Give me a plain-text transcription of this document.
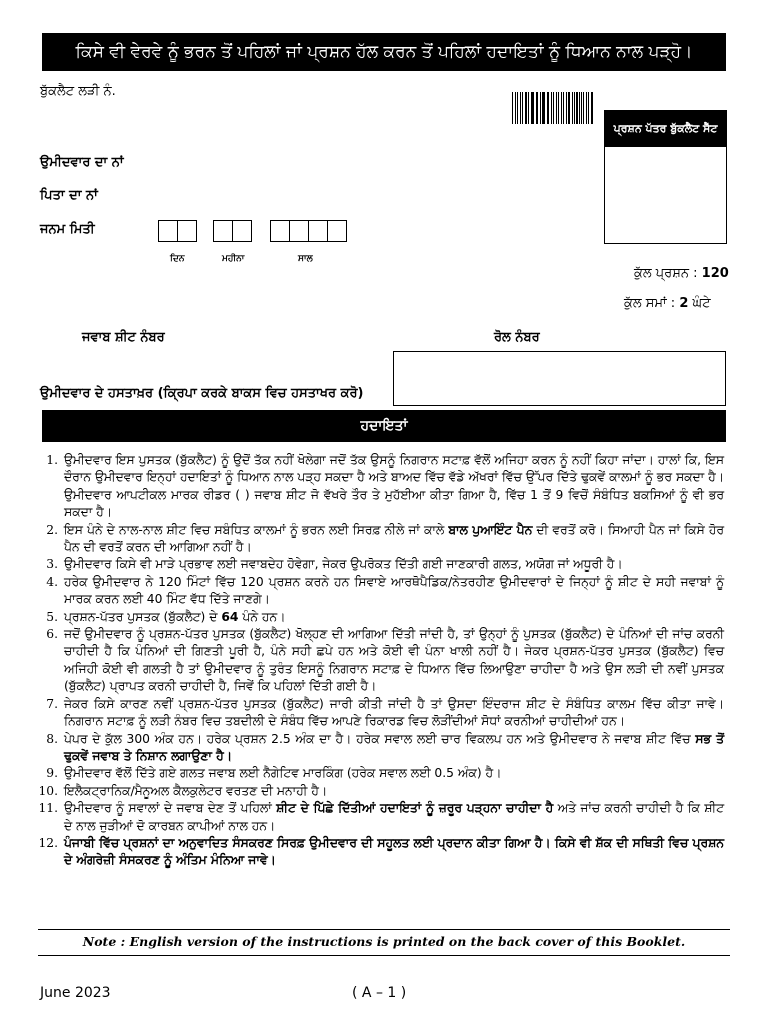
ਕਿਸੇ ਵੀ ਵੇਰਵੇ ਨੂੰ ਭਰਨ ਤੋਂ ਪਹਿਲਾਂ ਜਾਂ ਪ੍ਰਸ਼ਨ ਹੱਲ ਕਰਨ ਤੋਂ ਪਹਿਲਾਂ ਹਦਾਇਤਾਂ ਨੂੰ ਧਿਆਨ ਨਾਲ ਪੜ੍ਹੋ।
ਬੁੱਕਲੈਟ ਲੜੀ ਨੰ.
ਪ੍ਰਸ਼ਨ ਪੱਤਰ ਬੁੱਕਲੈਟ ਸੈੱਟ
ਉਮੀਦਵਾਰ ਦਾ ਨਾਂ
ਪਿਤਾ ਦਾ ਨਾਂ
ਜਨਮ ਮਿਤੀ
ਦਿਨ	ਮਹੀਨਾ	ਸਾਲ
ਕੁੱਲ ਪ੍ਰਸ਼ਨ : 120
ਕੁੱਲ ਸਮਾਂ : 2 ਘੰਟੇ
ਜਵਾਬ ਸ਼ੀਟ ਨੰਬਰ	ਰੋਲ ਨੰਬਰ
ਉਮੀਦਵਾਰ ਦੇ ਹਸਤਾਖ਼ਰ (ਕ੍ਰਿਪਾ ਕਰਕੇ ਬਾਕਸ ਵਿਚ ਹਸਤਾਖਰ ਕਰੋ)
ਹਦਾਇਤਾਂ
1. ਉਮੀਦਵਾਰ ਇਸ ਪੁਸਤਕ (ਬੁੱਕਲੈਟ) ਨੂੰ ਉਦੋਂ ਤੱਕ ਨਹੀਂ ਖੋਲੇਗਾ ਜਦੋਂ ਤੱਕ ਉਸਨੂੰ ਨਿਗਰਾਨ ਸਟਾਫ਼ ਵੱਲੋਂ ਅਜਿਹਾ ਕਰਨ ਨੂੰ ਨਹੀਂ ਕਿਹਾ ਜਾਂਦਾ। ਹਾਲਾਂ ਕਿ, ਇਸ ਦੌਰਾਨ ਉਮੀਦਵਾਰ ਇਨ੍ਹਾਂ ਹਦਾਇਤਾਂ ਨੂੰ ਧਿਆਨ ਨਾਲ ਪੜ੍ਹ ਸਕਦਾ ਹੈ ਅਤੇ ਬਾਅਦ ਵਿੱਚ ਵੱਡੇ ਅੱਖਰਾਂ ਵਿੱਚ ਉੱਪਰ ਦਿੱਤੇ ਢੁਕਵੇਂ ਕਾਲਮਾਂ ਨੂੰ ਭਰ ਸਕਦਾ ਹੈ। ਉਮੀਦਵਾਰ ਆਪਟੀਕਲ ਮਾਰਕ ਰੀਡਰ ( ) ਜਵਾਬ ਸ਼ੀਟ ਜੋ ਵੱਖਰੇ ਤੌਰ ਤੇ ਮੁਹੱਈਆ ਕੀਤਾ ਗਿਆ ਹੈ, ਵਿੱਚ 1 ਤੋਂ 9 ਵਿਚੋਂ ਸੰਬੰਧਿਤ ਬਕਸਿਆਂ ਨੂੰ ਵੀ ਭਰ ਸਕਦਾ ਹੈ।
2. ਇਸ ਪੰਨੇ ਦੇ ਨਾਲ-ਨਾਲ ਸ਼ੀਟ ਵਿਚ ਸਬੰਧਿਤ ਕਾਲਮਾਂ ਨੂੰ ਭਰਨ ਲਈ ਸਿਰਫ਼ ਨੀਲੇ ਜਾਂ ਕਾਲੇ ਬਾਲ ਪੁਆਇੰਟ ਪੈਨ ਦੀ ਵਰਤੋਂ ਕਰੋ। ਸਿਆਹੀ ਪੈਨ ਜਾਂ ਕਿਸੇ ਹੋਰ ਪੈਨ ਦੀ ਵਰਤੋਂ ਕਰਨ ਦੀ ਆਗਿਆ ਨਹੀਂ ਹੈ।
3. ਉਮੀਦਵਾਰ ਕਿਸੇ ਵੀ ਮਾੜੇ ਪ੍ਰਭਾਵ ਲਈ ਜਵਾਬਦੇਹ ਹੋਵੇਗਾ, ਜੇਕਰ ਉਪਰੋਕਤ ਦਿੱਤੀ ਗਈ ਜਾਣਕਾਰੀ ਗਲਤ, ਅਯੋਗ ਜਾਂ ਅਧੂਰੀ ਹੈ।
4. ਹਰੇਕ ਉਮੀਦਵਾਰ ਨੇ 120 ਮਿੰਟਾਂ ਵਿੱਚ 120 ਪ੍ਰਸ਼ਨ ਕਰਨੇ ਹਨ ਸਿਵਾਏ ਆਰਥੋਪੈਡਿਕ/ਨੇਤਰਹੀਣ ਉਮੀਦਵਾਰਾਂ ਦੇ ਜਿਨ੍ਹਾਂ ਨੂੰ ਸ਼ੀਟ ਦੇ ਸਹੀ ਜਵਾਬਾਂ ਨੂੰ ਮਾਰਕ ਕਰਨ ਲਈ 40 ਮਿੰਟ ਵੱਧ ਦਿੱਤੇ ਜਾਣਗੇ।
5. ਪ੍ਰਸ਼ਨ-ਪੱਤਰ ਪੁਸਤਕ (ਬੁੱਕਲੈਟ) ਦੇ 64 ਪੰਨੇ ਹਨ।
6. ਜਦੋਂ ਉਮੀਦਵਾਰ ਨੂੰ ਪ੍ਰਸ਼ਨ-ਪੱਤਰ ਪੁਸਤਕ (ਬੁੱਕਲੈਟ) ਖੋਲ੍ਹਣ ਦੀ ਆਗਿਆ ਦਿੱਤੀ ਜਾਂਦੀ ਹੈ, ਤਾਂ ਉਨ੍ਹਾਂ ਨੂੰ ਪੁਸਤਕ (ਬੁੱਕਲੈਟ) ਦੇ ਪੰਨਿਆਂ ਦੀ ਜਾਂਚ ਕਰਨੀ ਚਾਹੀਦੀ ਹੈ ਕਿ ਪੰਨਿਆਂ ਦੀ ਗਿਣਤੀ ਪੂਰੀ ਹੈ, ਪੰਨੇ ਸਹੀ ਛਪੇ ਹਨ ਅਤੇ ਕੋਈ ਵੀ ਪੰਨਾ ਖਾਲੀ ਨਹੀਂ ਹੈ। ਜੇਕਰ ਪ੍ਰਸ਼ਨ-ਪੱਤਰ ਪੁਸਤਕ (ਬੁੱਕਲੈਟ) ਵਿਚ ਅਜਿਹੀ ਕੋਈ ਵੀ ਗਲਤੀ ਹੈ ਤਾਂ ਉਮੀਦਵਾਰ ਨੂੰ ਤੁਰੰਤ ਇਸਨੂੰ ਨਿਗਰਾਨ ਸਟਾਫ਼ ਦੇ ਧਿਆਨ ਵਿੱਚ ਲਿਆਉਣਾ ਚਾਹੀਦਾ ਹੈ ਅਤੇ ਉਸ ਲੜੀ ਦੀ ਨਵੀਂ ਪੁਸਤਕ (ਬੁੱਕਲੈਟ) ਪ੍ਰਾਪਤ ਕਰਨੀ ਚਾਹੀਦੀ ਹੈ, ਜਿਵੇਂ ਕਿ ਪਹਿਲਾਂ ਦਿੱਤੀ ਗਈ ਹੈ।
7. ਜੇਕਰ ਕਿਸੇ ਕਾਰਣ ਨਵੀਂ ਪ੍ਰਸ਼ਨ-ਪੱਤਰ ਪੁਸਤਕ (ਬੁੱਕਲੈਟ) ਜਾਰੀ ਕੀਤੀ ਜਾਂਦੀ ਹੈ ਤਾਂ ਉਸਦਾ ਇੰਦਰਾਜ ਸ਼ੀਟ ਦੇ ਸੰਬੰਧਿਤ ਕਾਲਮ ਵਿੱਚ ਕੀਤਾ ਜਾਵੇ। ਨਿਗਰਾਨ ਸਟਾਫ਼ ਨੂੰ ਲੜੀ ਨੰਬਰ ਵਿਚ ਤਬਦੀਲੀ ਦੇ ਸੰਬੰਧ ਵਿੱਚ ਆਪਣੇ ਰਿਕਾਰਡ ਵਿਚ ਲੋੜੀਂਦੀਆਂ ਸੋਧਾਂ ਕਰਨੀਆਂ ਚਾਹੀਦੀਆਂ ਹਨ।
8. ਪੇਪਰ ਦੇ ਕੁੱਲ 300 ਅੰਕ ਹਨ। ਹਰੇਕ ਪ੍ਰਸ਼ਨ 2.5 ਅੰਕ ਦਾ ਹੈ। ਹਰੇਕ ਸਵਾਲ ਲਈ ਚਾਰ ਵਿਕਲਪ ਹਨ ਅਤੇ ਉਮੀਦਵਾਰ ਨੇ ਜਵਾਬ ਸ਼ੀਟ ਵਿੱਚ ਸਭ ਤੋਂ ਢੁਕਵੇਂ ਜਵਾਬ ਤੇ ਨਿਸ਼ਾਨ ਲਗਾਉਣਾ ਹੈ।
9. ਉਮੀਦਵਾਰ ਵੱਲੋਂ ਦਿੱਤੇ ਗਏ ਗਲਤ ਜਵਾਬ ਲਈ ਨੈਗੇਟਿਵ ਮਾਰਕਿੰਗ (ਹਰੇਕ ਸਵਾਲ ਲਈ 0.5 ਅੰਕ) ਹੈ।
10. ਇਲੈਕਟ੍ਰਾਨਿਕ/ਮੈਨੂਅਲ ਕੈਲਕੁਲੇਟਰ ਵਰਤਣ ਦੀ ਮਨਾਹੀ ਹੈ।
11. ਉਮੀਦਵਾਰ ਨੂੰ ਸਵਾਲਾਂ ਦੇ ਜਵਾਬ ਦੇਣ ਤੋਂ ਪਹਿਲਾਂ ਸ਼ੀਟ ਦੇ ਪਿੱਛੇ ਦਿੱਤੀਆਂ ਹਦਾਇਤਾਂ ਨੂੰ ਜ਼ਰੂਰ ਪੜ੍ਹਨਾ ਚਾਹੀਦਾ ਹੈ ਅਤੇ ਜਾਂਚ ਕਰਨੀ ਚਾਹੀਦੀ ਹੈ ਕਿ ਸ਼ੀਟ ਦੇ ਨਾਲ ਜੁੜੀਆਂ ਦੋ ਕਾਰਬਨ ਕਾਪੀਆਂ ਨਾਲ ਹਨ।
12. ਪੰਜਾਬੀ ਵਿੱਚ ਪ੍ਰਸ਼ਨਾਂ ਦਾ ਅਨੁਵਾਦਿਤ ਸੰਸਕਰਣ ਸਿਰਫ਼ ਉਮੀਦਵਾਰ ਦੀ ਸਹੂਲਤ ਲਈ ਪ੍ਰਦਾਨ ਕੀਤਾ ਗਿਆ ਹੈ। ਕਿਸੇ ਵੀ ਸ਼ੱਕ ਦੀ ਸਥਿਤੀ ਵਿਚ ਪ੍ਰਸ਼ਨ ਦੇ ਅੰਗਰੇਜ਼ੀ ਸੰਸਕਰਣ ਨੂੰ ਅੰਤਿਮ ਮੰਨਿਆ ਜਾਵੇ।
Note : English version of the instructions is printed on the back cover of this Booklet.
June 2023	( A – 1 )
